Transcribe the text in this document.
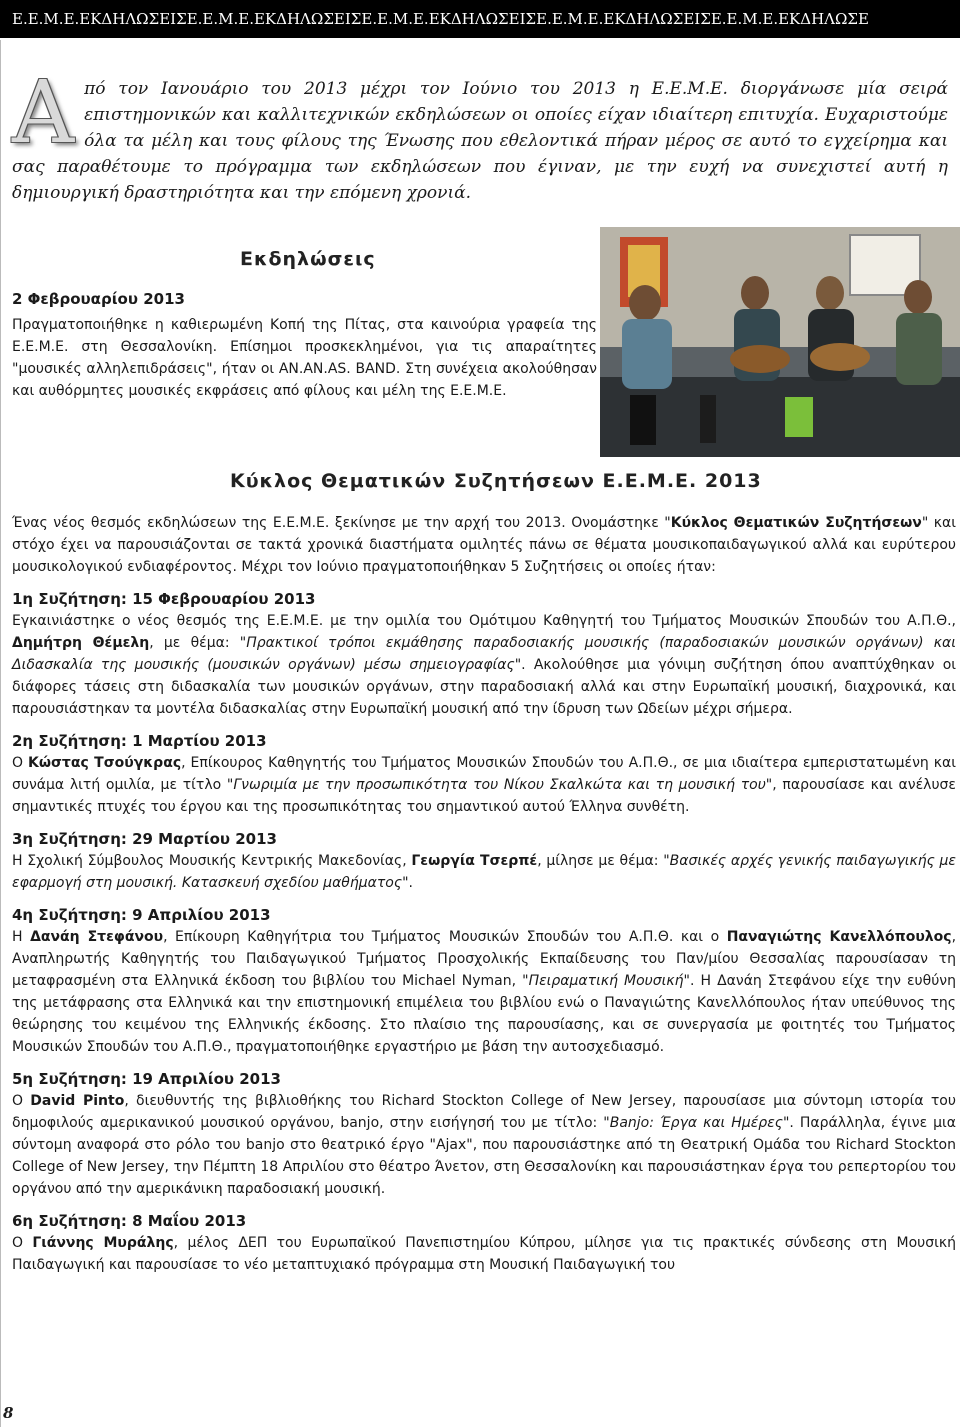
Ε.Ε.Μ.Ε.ΕΚΔΗΛΩΣΕΙΣΕ.Ε.Μ.Ε.ΕΚΔΗΛΩΣΕΙΣΕ.Ε.Μ.Ε.ΕΚΔΗΛΩΣΕΙΣΕ.Ε.Μ.Ε.ΕΚΔΗΛΩΣΕΙΣΕ.Ε.Μ.Ε.ΕΚΔΗΛΩΣΕ

Από τον Ιανουάριο του 2013 μέχρι τον Ιούνιο του 2013 η Ε.Ε.Μ.Ε. διοργάνωσε μία σειρά επιστημονικών και καλλιτεχνικών εκδηλώσεων οι οποίες είχαν ιδιαίτερη επιτυχία. Ευχαριστούμε όλα τα μέλη και τους φίλους της Ένωσης που εθελοντικά πήραν μέρος σε αυτό το εγχείρημα και σας παραθέτουμε το πρόγραμμα των εκδηλώσεων που έγιναν, με την ευχή να συνεχιστεί αυτή η δημιουργική δραστηριότητα και την επόμενη χρονιά.

Εκδηλώσεις

2 Φεβρουαρίου 2013

Πραγματοποιήθηκε η καθιερωμένη Κοπή της Πίτας, στα καινούρια γραφεία της Ε.Ε.Μ.Ε. στη Θεσσαλονίκη. Επίσημοι προσκεκλημένοι, για τις απαραίτητες "μουσικές αλληλεπιδράσεις", ήταν οι ΑΝ.ΑΝ.ΑS. BAND. Στη συνέχεια ακολούθησαν και αυθόρμητες μουσικές εκφράσεις από φίλους και μέλη της Ε.Ε.Μ.Ε.

Κύκλος Θεματικών Συζητήσεων Ε.Ε.Μ.Ε. 2013

Ένας νέος θεσμός εκδηλώσεων της Ε.Ε.Μ.Ε. ξεκίνησε με την αρχή του 2013. Ονομάστηκε "Κύκλος Θεματικών Συζητήσεων" και στόχο έχει να παρουσιάζονται σε τακτά χρονικά διαστήματα ομιλητές πάνω σε θέματα μουσικοπαιδαγωγικού αλλά και ευρύτερου μουσικολογικού ενδιαφέροντος. Μέχρι τον Ιούνιο πραγματοποιήθηκαν 5 Συζητήσεις οι οποίες ήταν:

1η Συζήτηση: 15 Φεβρουαρίου 2013

Εγκαινιάστηκε ο νέος θεσμός της Ε.Ε.Μ.Ε. με την ομιλία του Ομότιμου Καθηγητή του Τμήματος Μουσικών Σπουδών του Α.Π.Θ., Δημήτρη Θέμελη, με θέμα: "Πρακτικοί τρόποι εκμάθησης παραδοσιακής μουσικής (παραδοσιακών μουσικών οργάνων) και Διδασκαλία της μουσικής (μουσικών οργάνων) μέσω σημειογραφίας". Ακολούθησε μια γόνιμη συζήτηση όπου αναπτύχθηκαν οι διάφορες τάσεις στη διδασκαλία των μουσικών οργάνων, στην παραδοσιακή αλλά και στην Ευρωπαϊκή μουσική, διαχρονικά, και παρουσιάστηκαν τα μοντέλα διδασκαλίας στην Ευρωπαϊκή μουσική από την ίδρυση των Ωδείων μέχρι σήμερα.

2η Συζήτηση: 1 Μαρτίου 2013

Ο Κώστας Τσούγκρας, Επίκουρος Καθηγητής του Τμήματος Μουσικών Σπουδών του Α.Π.Θ., σε μια ιδιαίτερα εμπεριστατωμένη και συνάμα λιτή ομιλία, με τίτλο "Γνωριμία με την προσωπικότητα του Νίκου Σκαλκώτα και τη μουσική του", παρουσίασε και ανέλυσε σημαντικές πτυχές του έργου και της προσωπικότητας του σημαντικού αυτού Έλληνα συνθέτη.

3η Συζήτηση: 29 Μαρτίου 2013

Η Σχολική Σύμβουλος Μουσικής Κεντρικής Μακεδονίας, Γεωργία Τσερπέ, μίλησε με θέμα: "Βασικές αρχές γενικής παιδαγωγικής με εφαρμογή στη μουσική. Κατασκευή σχεδίου μαθήματος".

4η Συζήτηση: 9 Απριλίου 2013

Η Δανάη Στεφάνου, Επίκουρη Καθηγήτρια του Τμήματος Μουσικών Σπουδών του Α.Π.Θ. και ο Παναγιώτης Κανελλόπουλος, Αναπληρωτής Καθηγητής του Παιδαγωγικού Τμήματος Προσχολικής Εκπαίδευσης του Παν/μίου Θεσσαλίας παρουσίασαν τη μεταφρασμένη στα Ελληνικά έκδοση του βιβλίου του Michael Nyman, "Πειραματική Μουσική". Η Δανάη Στεφάνου είχε την ευθύνη της μετάφρασης στα Ελληνικά και την επιστημονική επιμέλεια του βιβλίου ενώ ο Παναγιώτης Κανελλόπουλος ήταν υπεύθυνος της θεώρησης του κειμένου της Ελληνικής έκδοσης. Στο πλαίσιο της παρουσίασης, και σε συνεργασία με φοιτητές του Τμήματος Μουσικών Σπουδών του Α.Π.Θ., πραγματοποιήθηκε εργαστήριο με βάση την αυτοσχεδιασμό.

5η Συζήτηση: 19 Απριλίου 2013

Ο David Pinto, διευθυντής της βιβλιοθήκης του Richard Stockton College of New Jersey, παρουσίασε μια σύντομη ιστορία του δημοφιλούς αμερικανικού μουσικού οργάνου, banjo, στην εισήγησή του με τίτλο: "Banjo: Έργα και Ημέρες". Παράλληλα, έγινε μια σύντομη αναφορά στο ρόλο του banjo στο θεατρικό έργο "Ajax", που παρουσιάστηκε από τη Θεατρική Ομάδα του Richard Stockton College of New Jersey, την Πέμπτη 18 Απριλίου στο θέατρο Άνετον, στη Θεσσαλονίκη και παρουσιάστηκαν έργα του ρεπερτορίου του οργάνου από την αμερικάνικη παραδοσιακή μουσική.

6η Συζήτηση: 8 Μαΐου 2013

Ο Γιάννης Μυράλης, μέλος ΔΕΠ του Ευρωπαϊκού Πανεπιστημίου Κύπρου, μίλησε για τις πρακτικές σύνδεσης στη Μουσική Παιδαγωγική και παρουσίασε το νέο μεταπτυχιακό πρόγραμμα στη Μουσική Παιδαγωγική του

8
